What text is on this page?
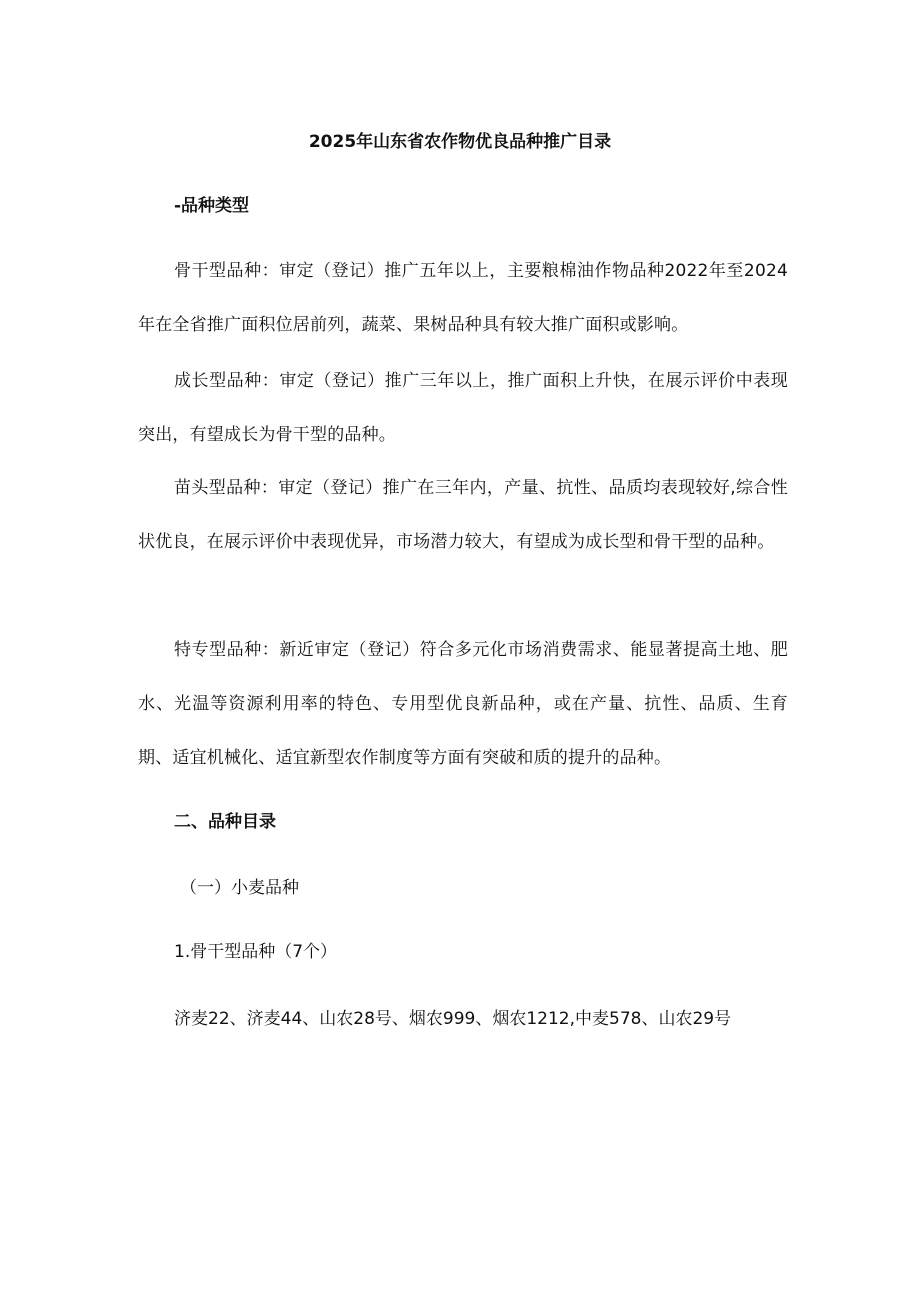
2025年山东省农作物优良品种推广目录

-品种类型

骨干型品种：审定（登记）推广五年以上，主要粮棉油作物品种2022年至2024年在全省推广面积位居前列，蔬菜、果树品种具有较大推广面积或影响。

成长型品种：审定（登记）推广三年以上，推广面积上升快，在展示评价中表现突出，有望成长为骨干型的品种。

苗头型品种：审定（登记）推广在三年内，产量、抗性、品质均表现较好,综合性状优良，在展示评价中表现优异，市场潜力较大，有望成为成长型和骨干型的品种。

特专型品种：新近审定（登记）符合多元化市场消费需求、能显著提高土地、肥水、光温等资源利用率的特色、专用型优良新品种，或在产量、抗性、品质、生育期、适宜机械化、适宜新型农作制度等方面有突破和质的提升的品种。

二、品种目录

（一）小麦品种

1.骨干型品种（7个）

济麦22、济麦44、山农28号、烟农999、烟农1212,中麦578、山农29号
